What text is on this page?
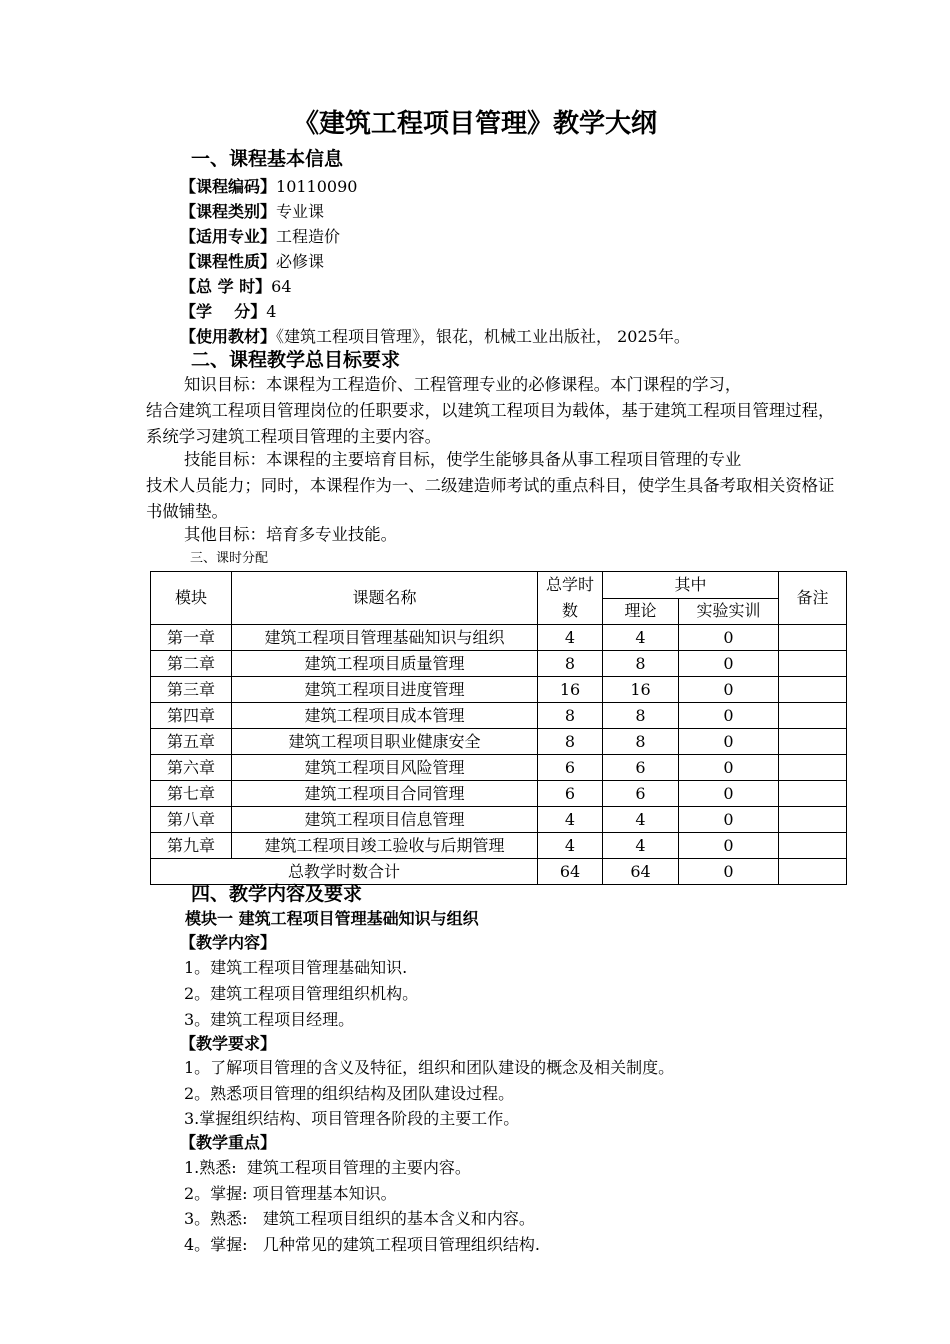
《建筑工程项目管理》教学大纲
一、课程基本信息
【课程编码】10110090
【课程类别】专业课
【适用专业】工程造价
【课程性质】必修课
【总 学 时】64
【学    分】4
【使用教材】《建筑工程项目管理》，银花，机械工业出版社， 2025年。
二、课程教学总目标要求
知识目标：本课程为工程造价、工程管理专业的必修课程。本门课程的学习，
结合建筑工程项目管理岗位的任职要求，以建筑工程项目为载体，基于建筑工程项目管理过程，系统学习建筑工程项目管理的主要内容。
技能目标：本课程的主要培育目标，使学生能够具备从事工程项目管理的专业
技术人员能力；同时，本课程作为一、二级建造师考试的重点科目，使学生具备考取相关资格证书做铺垫。
其他目标：培育多专业技能。
三、课时分配
模块	课题名称	总学时数	其中		备注
			理论	实验实训	
第一章	建筑工程项目管理基础知识与组织	4	4	0	
第二章	建筑工程项目质量管理	8	8	0	
第三章	建筑工程项目进度管理	16	16	0	
第四章	建筑工程项目成本管理	8	8	0	
第五章	建筑工程项目职业健康安全	8	8	0	
第六章	建筑工程项目风险管理	6	6	0	
第七章	建筑工程项目合同管理	6	6	0	
第八章	建筑工程项目信息管理	4	4	0	
第九章	建筑工程项目竣工验收与后期管理	4	4	0	
总教学时数合计		64	64	0	
四、教学内容及要求
模块一 建筑工程项目管理基础知识与组织
【教学内容】
1。建筑工程项目管理基础知识.
2。建筑工程项目管理组织机构。
3。建筑工程项目经理。
【教学要求】
1。了解项目管理的含义及特征，组织和团队建设的概念及相关制度。
2。熟悉项目管理的组织结构及团队建设过程。
3.掌握组织结构、项目管理各阶段的主要工作。
【教学重点】
1.熟悉:  建筑工程项目管理的主要内容。
2。掌握: 项目管理基本知识。
3。熟悉:   建筑工程项目组织的基本含义和内容。
4。掌握:   几种常见的建筑工程项目管理组织结构.
